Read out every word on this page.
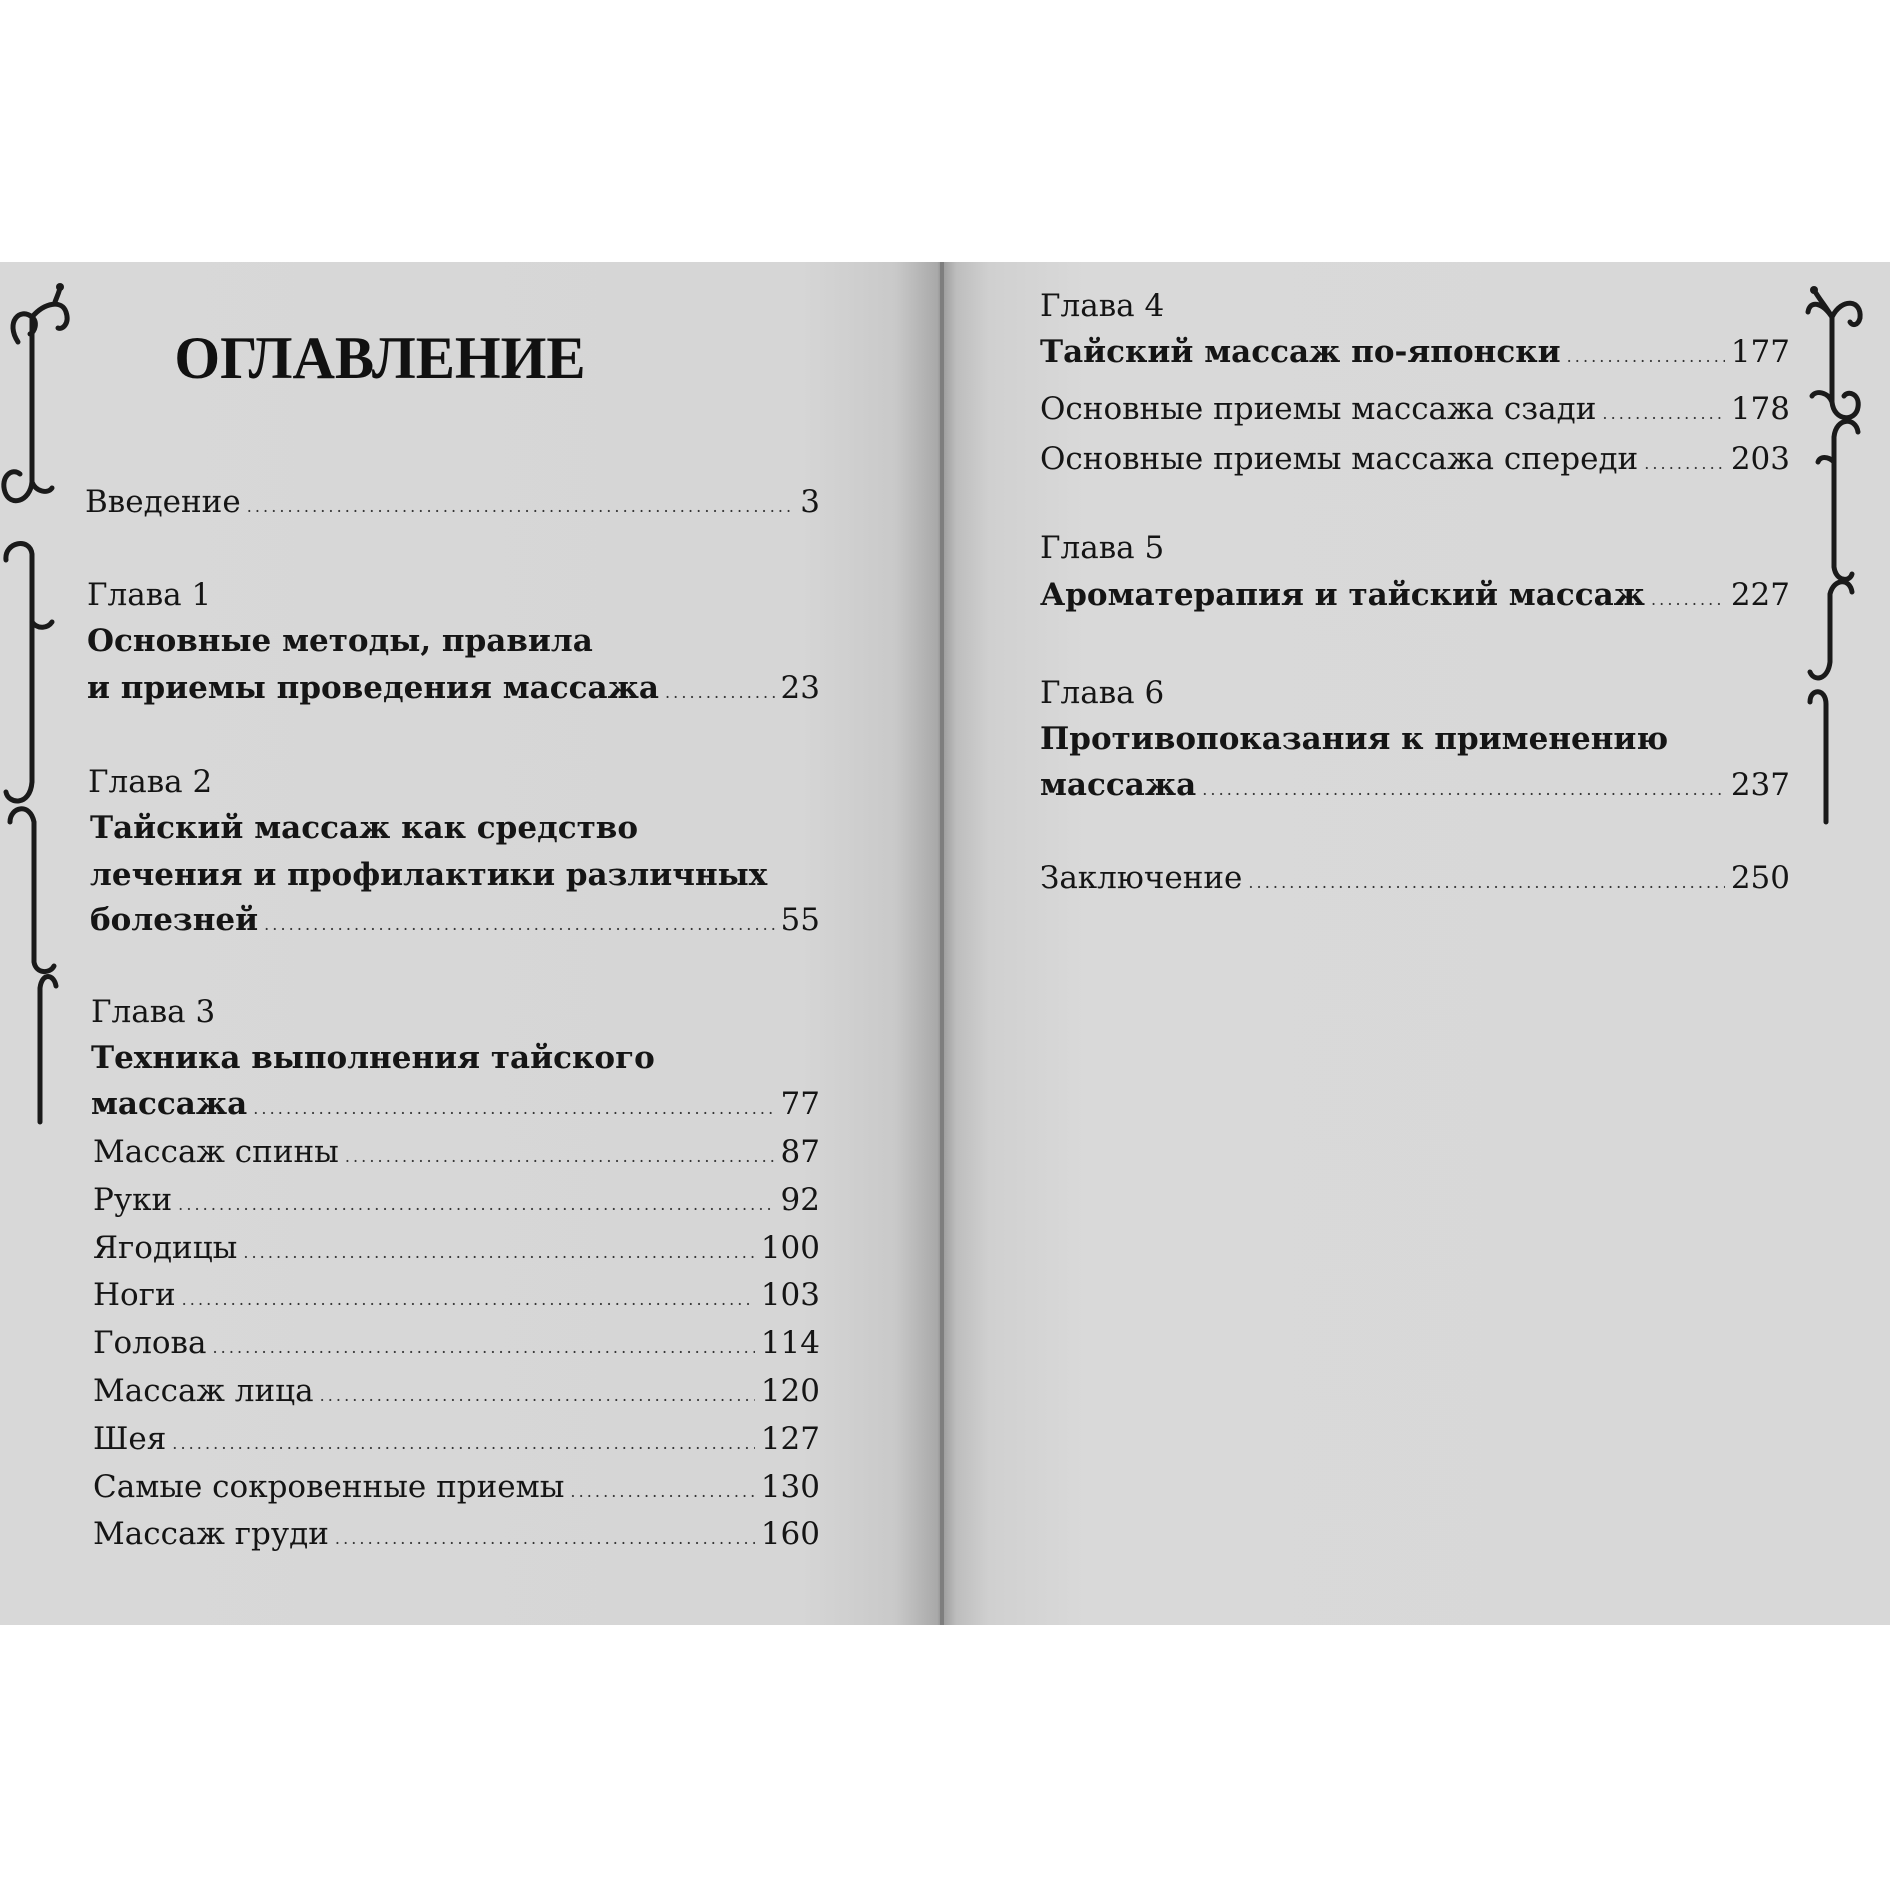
ОГЛАВЛЕНИЕ
Введение . . .	3
Глава 1
Основные методы, правила
и приемы проведения массажа . . .	23
Глава 2
Тайский массаж как средство
лечения и профилактики различных
болезней . . .	55
Глава 3
Техника выполнения тайского
массажа . . .	77
Массаж спины . . .	87
Руки . . .	92
Ягодицы . . .	100
Ноги . . .	103
Голова . . .	114
Массаж лица . . .	120
Шея . . .	127
Самые сокровенные приемы . . .	130
Массаж груди . . .	160
Глава 4
Тайский массаж по-японски . . .	177
Основные приемы массажа сзади . . .	178
Основные приемы массажа спереди . . .	203
Глава 5
Ароматерапия и тайский массаж . . .	227
Глава 6
Противопоказания к применению
массажа . . .	237
Заключение . . .	250
